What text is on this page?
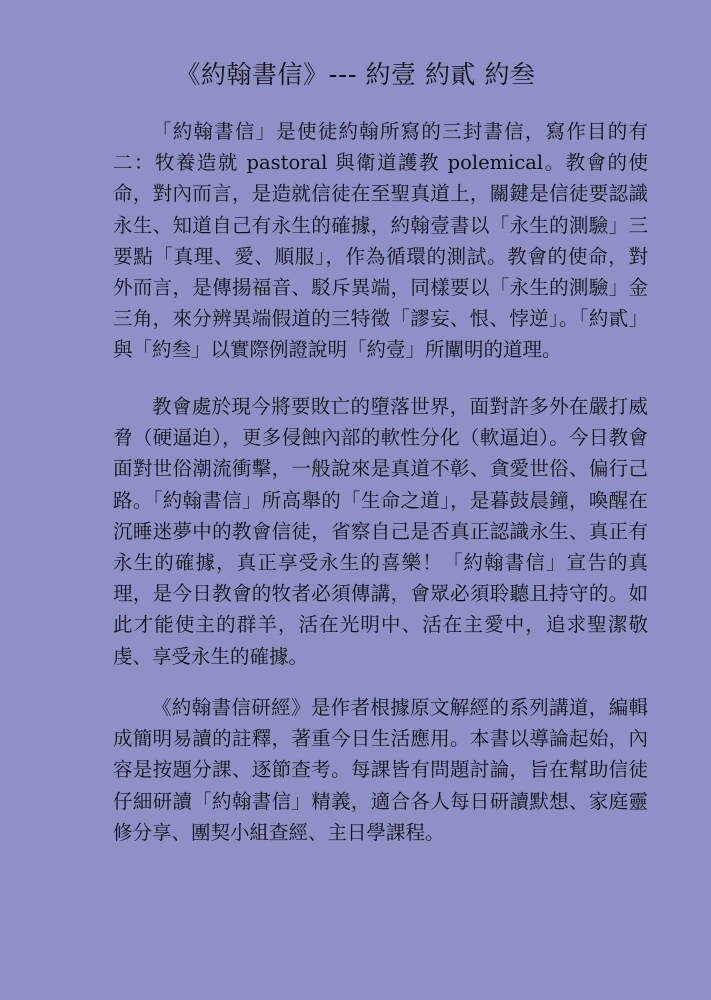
《約翰書信》--- 約壹 約貳 約叁

「約翰書信」是使徒約翰所寫的三封書信，寫作目的有二：牧養造就 pastoral 與衛道護教 polemical。教會的使命，對內而言，是造就信徒在至聖真道上，關鍵是信徒要認識永生、知道自己有永生的確據，約翰壹書以「永生的測驗」三要點「真理、愛、順服」，作為循環的測試。教會的使命，對外而言，是傳揚福音、駁斥異端，同樣要以「永生的測驗」金三角，來分辨異端假道的三特徵「謬妄、恨、悖逆」。「約貳」與「約叁」以實際例證說明「約壹」所闡明的道理。

教會處於現今將要敗亡的墮落世界，面對許多外在嚴打威脅（硬逼迫），更多侵蝕內部的軟性分化（軟逼迫）。今日教會面對世俗潮流衝擊，一般說來是真道不彰、貪愛世俗、偏行己路。「約翰書信」所高舉的「生命之道」，是暮鼓晨鐘，喚醒在沉睡迷夢中的教會信徒，省察自己是否真正認識永生、真正有永生的確據，真正享受永生的喜樂！「約翰書信」宣告的真理，是今日教會的牧者必須傳講，會眾必須聆聽且持守的。如此才能使主的群羊，活在光明中、活在主愛中，追求聖潔敬虔、享受永生的確據。

《約翰書信研經》是作者根據原文解經的系列講道，編輯成簡明易讀的註釋，著重今日生活應用。本書以導論起始，內容是按題分課、逐節查考。每課皆有問題討論，旨在幫助信徒仔細研讀「約翰書信」精義，適合各人每日研讀默想、家庭靈修分享、團契小組查經、主日學課程。
